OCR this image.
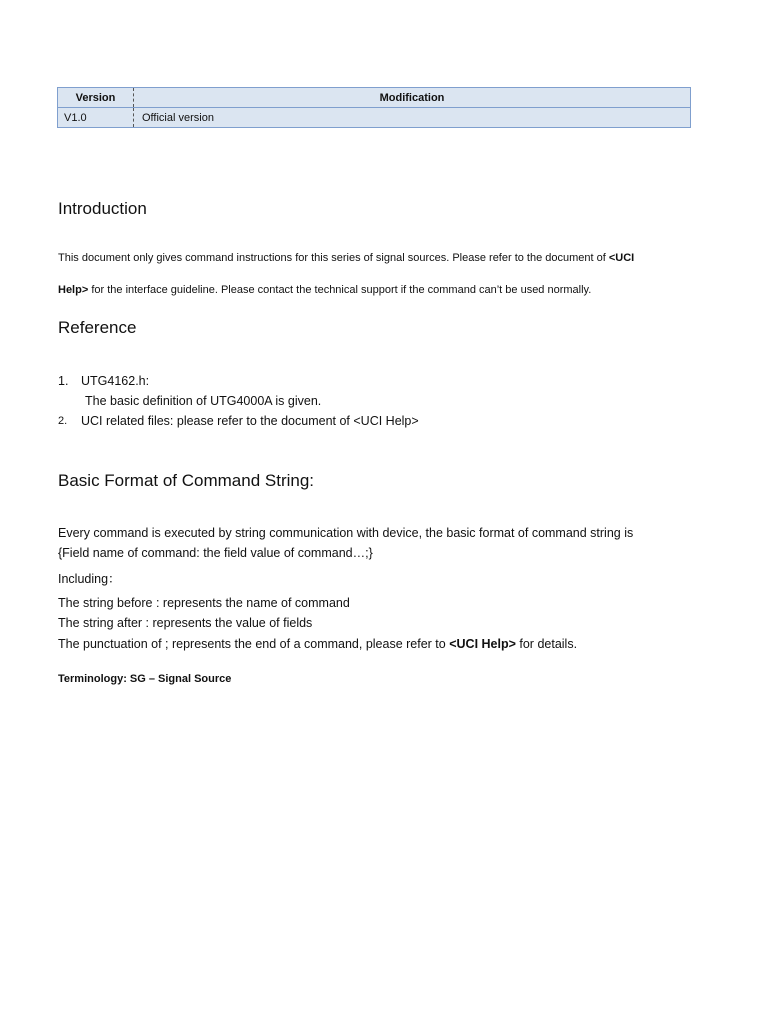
Version	Modification
V1.0	Official version
Introduction

This document only gives command instructions for this series of signal sources. Please refer to the document of <UCI

Help> for the interface guideline. Please contact the technical support if the command can’t be used normally.

Reference
1.	UTG4162.h:
The basic definition of UTG4000A is given.
2.	UCI related files: please refer to the document of <UCI Help>
Basic Format of Command String:

Every command is executed by string communication with device, the basic format of command string is

{Field name of command: the field value of command…;}

Including：

The string before : represents the name of command

The string after : represents the value of fields

The punctuation of ; represents the end of a command, please refer to <UCI Help> for details.

Terminology: SG – Signal Source
